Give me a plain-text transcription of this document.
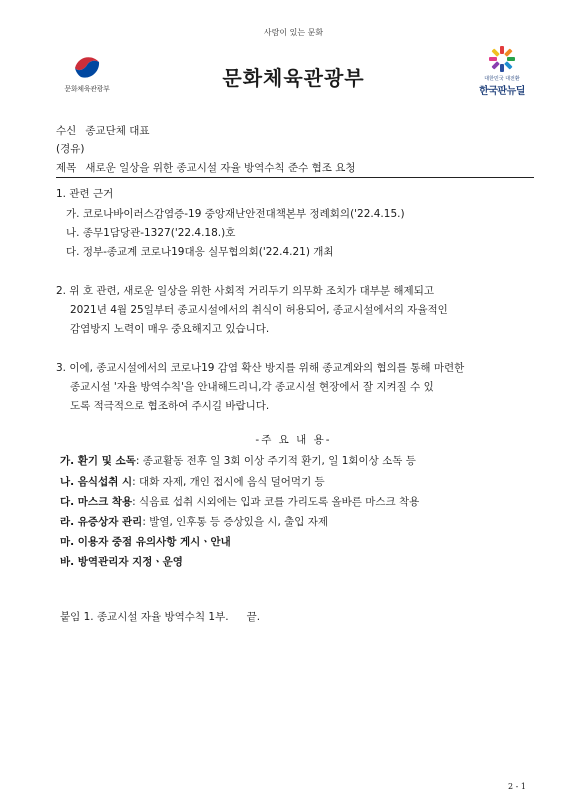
사람이 있는 문화
문화체육관광부	문화체육관광부	대한민국 대전환
한국판뉴딜
수신 종교단체 대표
(경유)
제목 새로운 일상을 위한 종교시설 자율 방역수칙 준수 협조 요청
1. 관련 근거
가. 코로나바이러스감염증-19 중앙재난안전대책본부 정례회의('22.4.15.)
나. 종무1담당관-1327('22.4.18.)호
다. 정부-종교계 코로나19대응 실무협의회('22.4.21) 개최
2. 위 호 관련, 새로운 일상을 위한 사회적 거리두기 의무화 조치가 대부분 해제되고
2021년 4월 25일부터 종교시설에서의 취식이 허용되어, 종교시설에서의 자율적인
감염방지 노력이 매우 중요해지고 있습니다.
3. 이에, 종교시설에서의 코로나19 감염 확산 방지를 위해 종교계와의 협의를 통해 마련한
종교시설 '자율 방역수칙'을 안내해드리니,각 종교시설 현장에서 잘 지켜질 수 있
도록 적극적으로 협조하여 주시길 바랍니다.
-주 요 내 용-
가. 환기 및 소독: 종교활동 전후 일 3회 이상 주기적 환기, 일 1회이상 소독 등
나. 음식섭취 시: 대화 자제, 개인 접시에 음식 덜어먹기 등
다. 마스크 착용: 식음료 섭취 시외에는 입과 코를 가리도록 올바른 마스크 착용
라. 유증상자 관리: 발열, 인후통 등 증상있을 시, 출입 자제
마. 이용자 중점 유의사항 게시ㆍ안내
바. 방역관리자 지정ㆍ운영
붙임 1. 종교시설 자율 방역수칙 1부. 끝.
2 - 1
